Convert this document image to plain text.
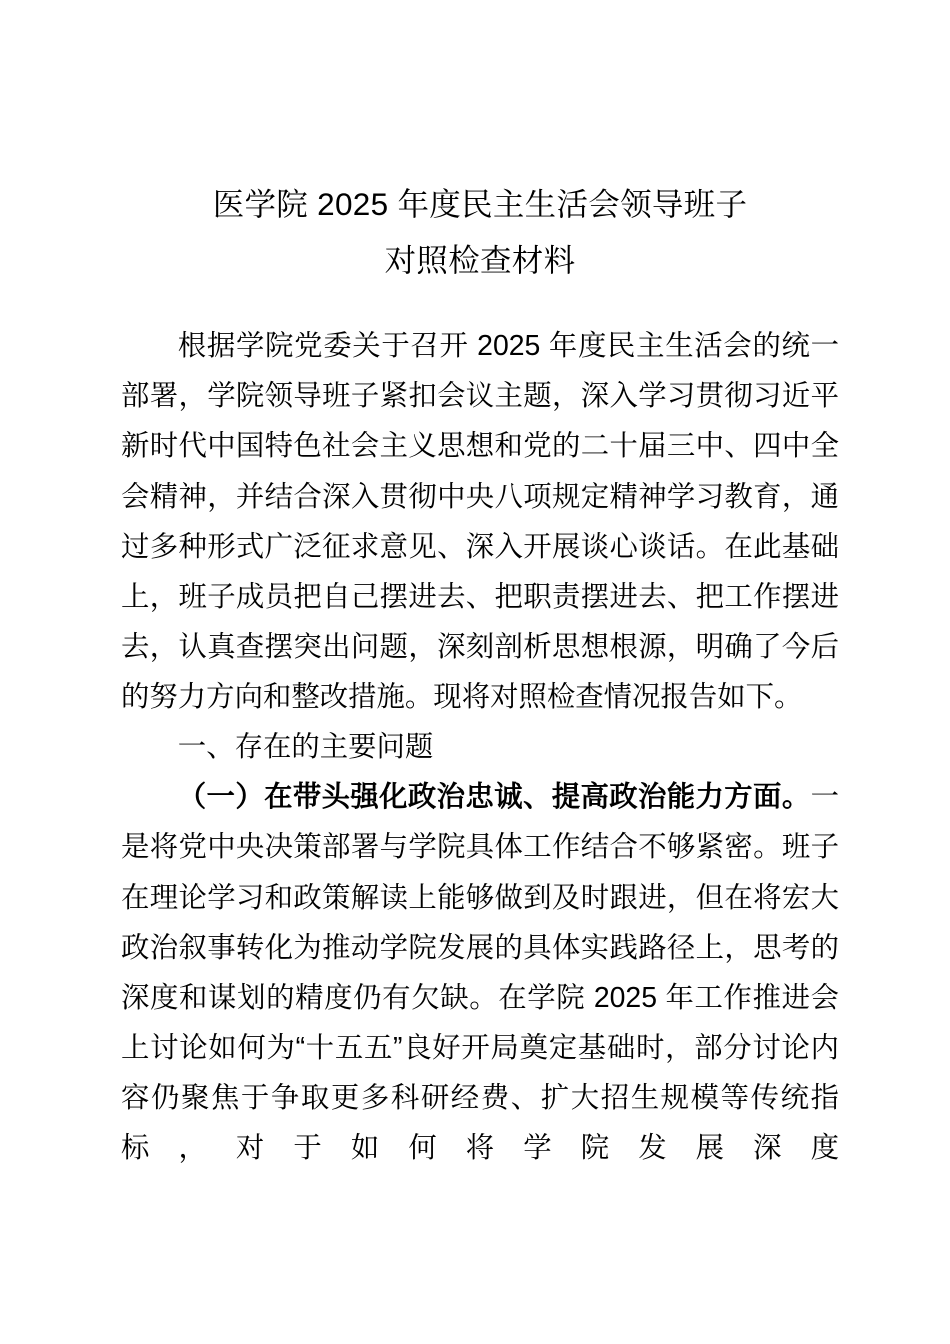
医学院 2025 年度民主生活会领导班子
对照检查材料

根据学院党委关于召开 2025 年度民主生活会的统一部署，学院领导班子紧扣会议主题，深入学习贯彻习近平新时代中国特色社会主义思想和党的二十届三中、四中全会精神，并结合深入贯彻中央八项规定精神学习教育，通过多种形式广泛征求意见、深入开展谈心谈话。在此基础上，班子成员把自己摆进去、把职责摆进去、把工作摆进去，认真查摆突出问题，深刻剖析思想根源，明确了今后的努力方向和整改措施。现将对照检查情况报告如下。

一、存在的主要问题

（一）在带头强化政治忠诚、提高政治能力方面。一是将党中央决策部署与学院具体工作结合不够紧密。班子在理论学习和政策解读上能够做到及时跟进，但在将宏大政治叙事转化为推动学院发展的具体实践路径上，思考的深度和谋划的精度仍有欠缺。在学院 2025 年工作推进会上讨论如何为“十五五”良好开局奠定基础时，部分讨论内容仍聚焦于争取更多科研经费、扩大招生规模等传统指标，对于如何将学院发展深度
